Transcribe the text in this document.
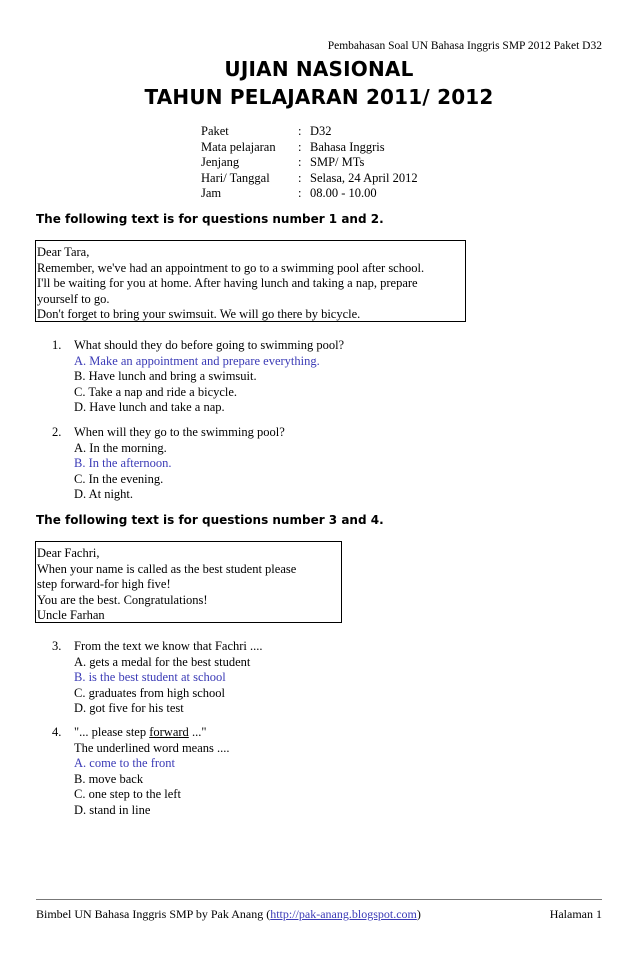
Pembahasan Soal UN Bahasa Inggris SMP 2012 Paket D32
UJIAN NASIONAL
TAHUN PELAJARAN 2011/ 2012
Paket	:	D32
Mata pelajaran	:	Bahasa Inggris
Jenjang	:	SMP/ MTs
Hari/ Tanggal	:	Selasa, 24 April 2012
Jam	:	08.00 - 10.00
The following text is for questions number 1 and 2.
Dear Tara,
Remember, we've had an appointment to go to a swimming pool after school.
I'll be waiting for you at home. After having lunch and taking a nap, prepare
yourself to go.
Don't forget to bring your swimsuit. We will go there by bicycle.
1.	What should they do before going to swimming pool?
A. Make an appointment and prepare everything.
B. Have lunch and bring a swimsuit.
C. Take a nap and ride a bicycle.
D. Have lunch and take a nap.
2.	When will they go to the swimming pool?
A. In the morning.
B. In the afternoon.
C. In the evening.
D. At night.
The following text is for questions number 3 and 4.
Dear Fachri,
When your name is called as the best student please
step forward-for high five!
You are the best. Congratulations!
Uncle Farhan
3.	From the text we know that Fachri ....
A. gets a medal for the best student
B. is the best student at school
C. graduates from high school
D. got five for his test
4.	"... please step forward ..."
The underlined word means ....
A. come to the front
B. move back
C. one step to the left
D. stand in line
Bimbel UN Bahasa Inggris SMP by Pak Anang (http://pak-anang.blogspot.com)	Halaman 1
